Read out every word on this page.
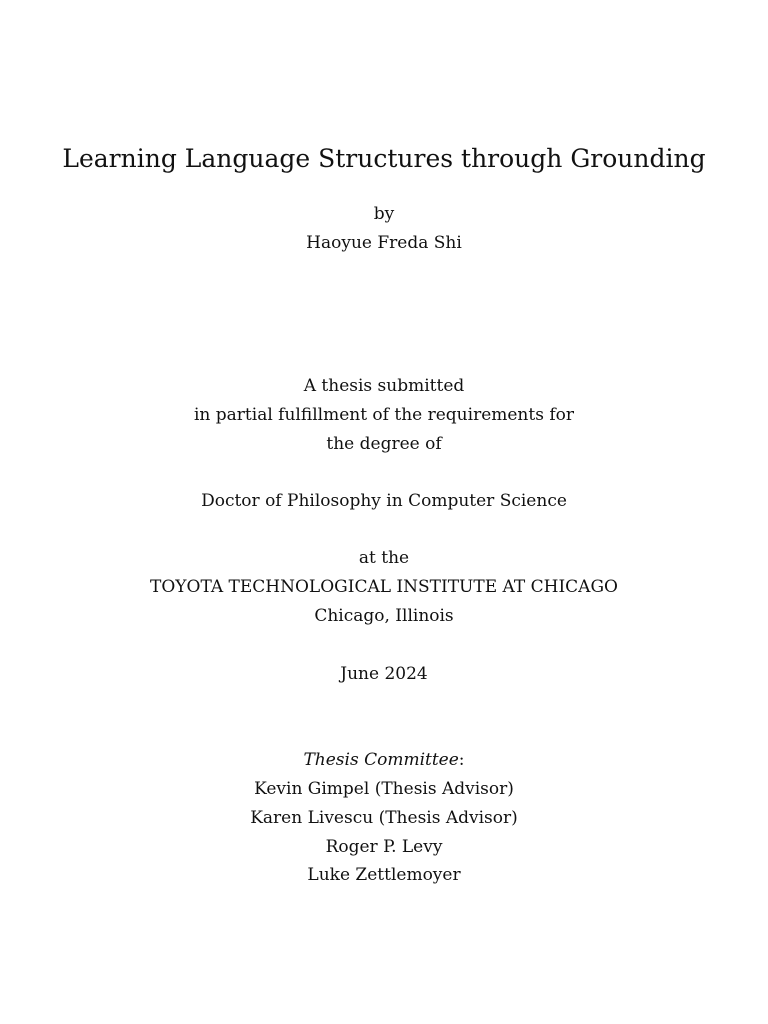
Learning Language Structures through Grounding
by
Haoyue Freda Shi
A thesis submitted
in partial fulfillment of the requirements for
the degree of
Doctor of Philosophy in Computer Science
at the
TOYOTA TECHNOLOGICAL INSTITUTE AT CHICAGO
Chicago, Illinois
June 2024
Thesis Committee:
Kevin Gimpel (Thesis Advisor)
Karen Livescu (Thesis Advisor)
Roger P. Levy
Luke Zettlemoyer
